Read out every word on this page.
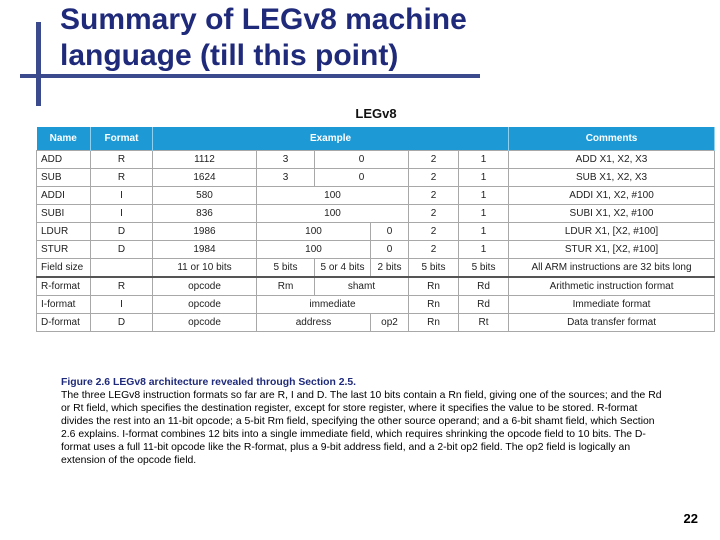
Summary of LEGv8 machine
language (till this point)
LEGv8
Name	Format	Example						Comments
ADD	R	1112	3	0		2	1	ADD X1, X2, X3
SUB	R	1624	3	0		2	1	SUB X1, X2, X3
ADDI	I	580	100			2	1	ADDI X1, X2, #100
SUBI	I	836	100			2	1	SUBI X1, X2, #100
LDUR	D	1986	100		0	2	1	LDUR X1, [X2, #100]
STUR	D	1984	100		0	2	1	STUR X1, [X2, #100]
Field size		11 or 10 bits	5 bits	5 or 4 bits	2 bits	5 bits	5 bits	All ARM instructions are 32 bits long
R-format	R	opcode	Rm	shamt		Rn	Rd	Arithmetic instruction format
I-format	I	opcode	immediate			Rn	Rd	Immediate format
D-format	D	opcode	address		op2	Rn	Rt	Data transfer format
Figure 2.6 LEGv8 architecture revealed through Section 2.5.
The three LEGv8 instruction formats so far are R, I and D. The last 10 bits contain a Rn field, giving one of the sources; and the Rd or Rt field, which specifies the destination register, except for store register, where it specifies the value to be stored. R-format divides the rest into an 11-bit opcode; a 5-bit Rm field, specifying the other source operand; and a 6-bit shamt field, which Section 2.6 explains. I-format combines 12 bits into a single immediate field, which requires shrinking the opcode field to 10 bits. The D-format uses a full 11-bit opcode like the R-format, plus a 9-bit address field, and a 2-bit op2 field. The op2 field is logically an extension of the opcode field.
22
